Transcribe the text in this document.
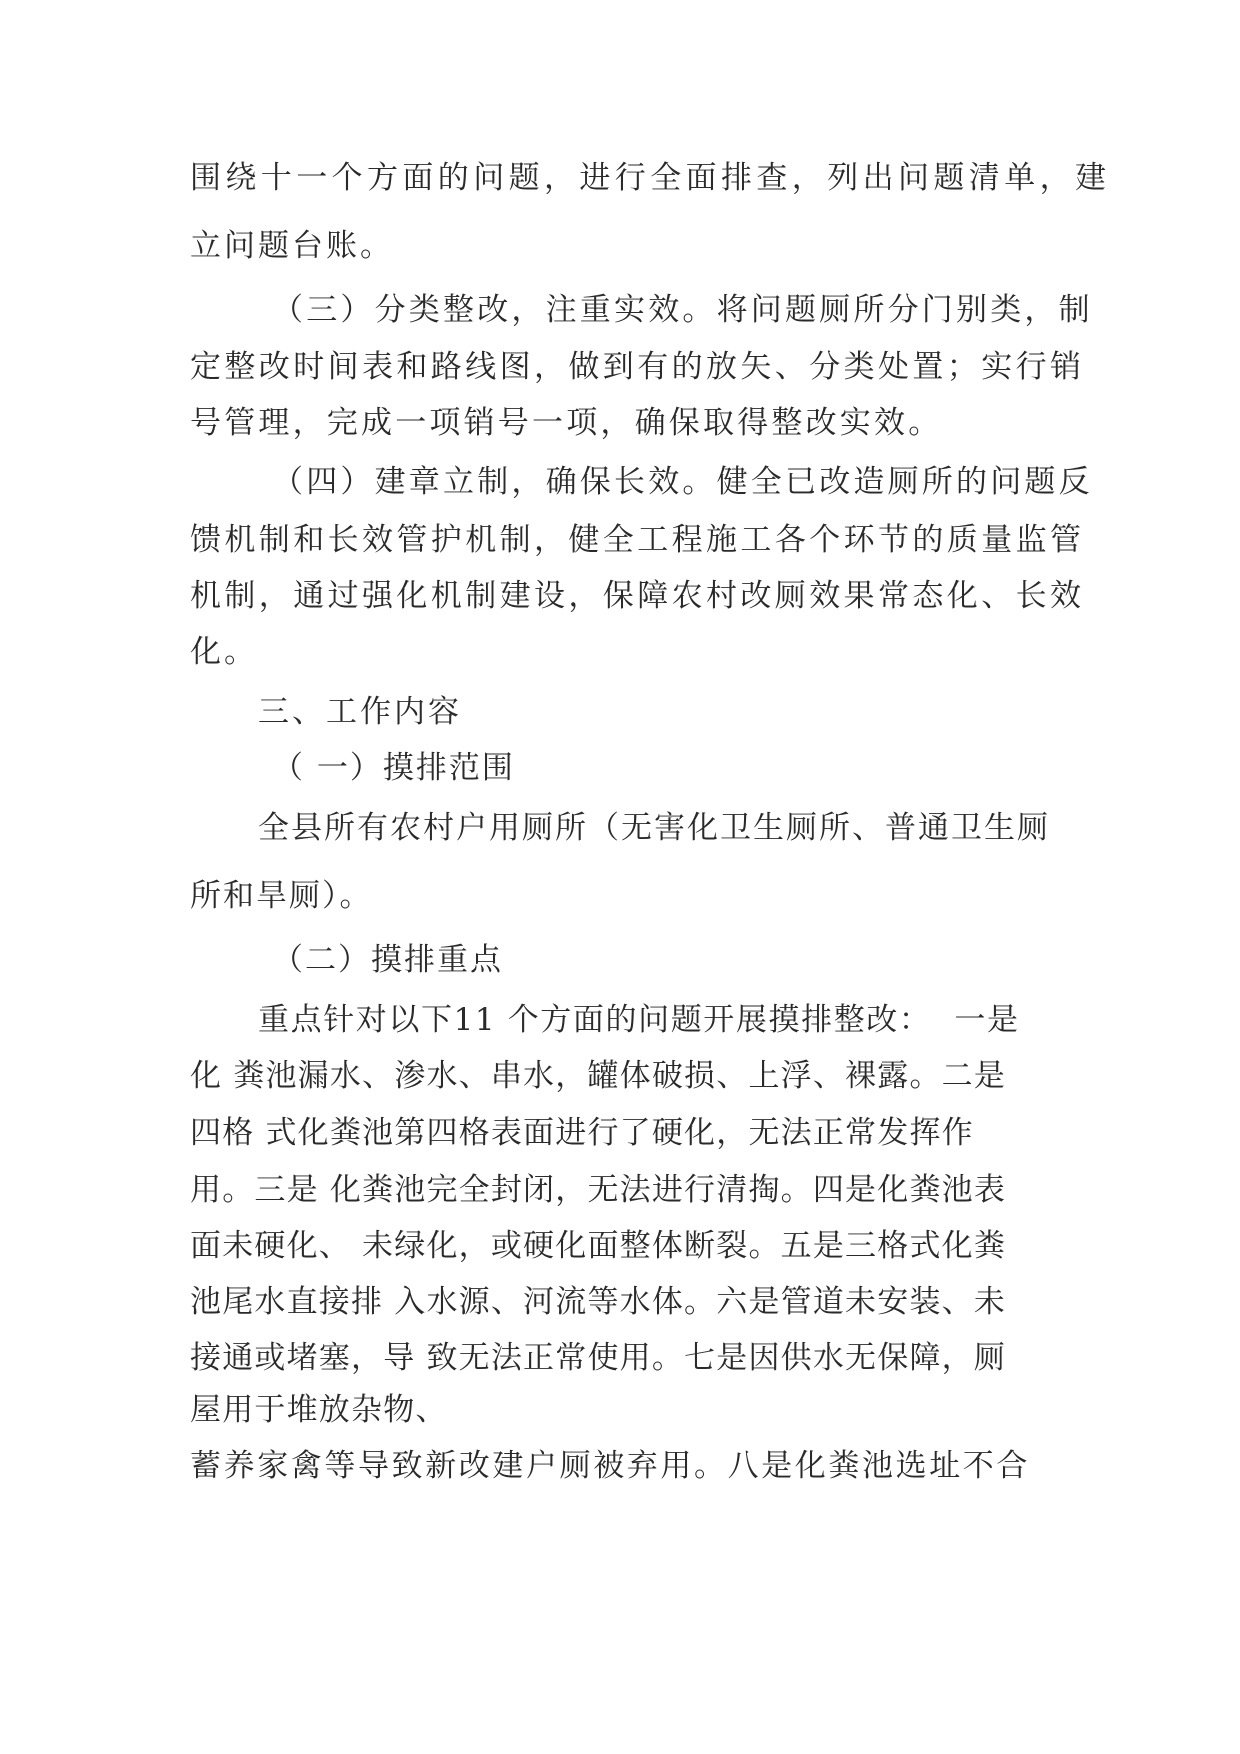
围绕十一个方面的问题，进行全面排查，列出问题清单，建

立问题台账。

（三）分类整改，注重实效。将问题厕所分门别类，制

定整改时间表和路线图，做到有的放矢、分类处置；实行销

号管理，完成一项销号一项，确保取得整改实效。

（四）建章立制，确保长效。健全已改造厕所的问题反

馈机制和长效管护机制，健全工程施工各个环节的质量监管

机制，通过强化机制建设，保障农村改厕效果常态化、长效

化。

三、工作内容

（ 一）摸排范围

全县所有农村户用厕所（无害化卫生厕所、普通卫生厕

所和旱厕）。

（二）摸排重点

重点针对以下11 个方面的问题开展摸排整改：  一是

化 粪池漏水、渗水、串水，罐体破损、上浮、裸露。二是

四格 式化粪池第四格表面进行了硬化，无法正常发挥作

用。三是 化粪池完全封闭，无法进行清掏。四是化粪池表

面未硬化、 未绿化，或硬化面整体断裂。五是三格式化粪

池尾水直接排 入水源、河流等水体。六是管道未安装、未

接通或堵塞，导 致无法正常使用。七是因供水无保障，厕

屋用于堆放杂物、

蓄养家禽等导致新改建户厕被弃用。八是化粪池选址不合
